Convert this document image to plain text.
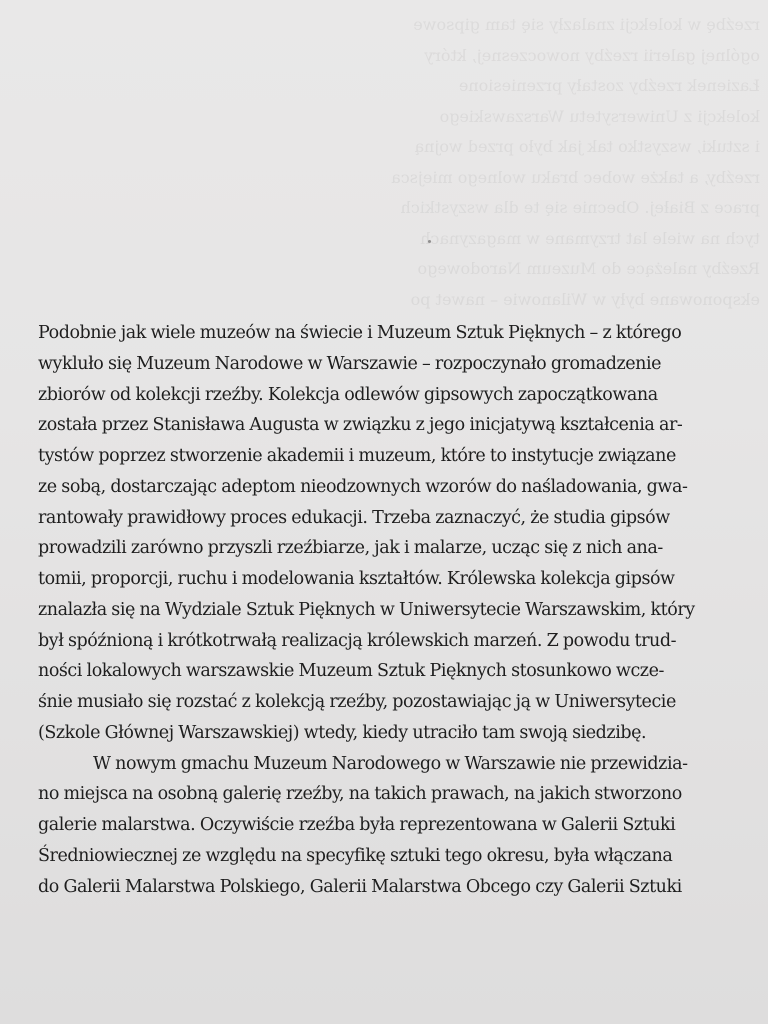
rzeźbę w kolekcji znalazły się tam gipsowe
ogólnej galerii rzeźby nowoczesnej, który
Łazienek rzeźby zostały przeniesione
kolekcji z Uniwersytetu Warszawskiego
i sztuki, wszystko tak jak było przed wojną
rzeźby, a także wobec braku wolnego miejsca
prace z Białej. Obecnie się te dla wszystkich
tych na wiele lat trzymane w magazynach
Rzeźby należące do Muzeum Narodowego
eksponowane były w Wilanowie – nawet po
Podobnie jak wiele muzeów na świecie i Muzeum Sztuk Pięknych – z którego
wykluło się Muzeum Narodowe w Warszawie – rozpoczynało gromadzenie
zbiorów od kolekcji rzeźby. Kolekcja odlewów gipsowych zapoczątkowana
została przez Stanisława Augusta w związku z jego inicjatywą kształcenia ar-
tystów poprzez stworzenie akademii i muzeum, które to instytucje związane
ze sobą, dostarczając adeptom nieodzownych wzorów do naśladowania, gwa-
rantowały prawidłowy proces edukacji. Trzeba zaznaczyć, że studia gipsów
prowadzili zarówno przyszli rzeźbiarze, jak i malarze, ucząc się z nich ana-
tomii, proporcji, ruchu i modelowania kształtów. Królewska kolekcja gipsów
znalazła się na Wydziale Sztuk Pięknych w Uniwersytecie Warszawskim, który
był spóźnioną i krótkotrwałą realizacją królewskich marzeń. Z powodu trud-
ności lokalowych warszawskie Muzeum Sztuk Pięknych stosunkowo wcze-
śnie musiało się rozstać z kolekcją rzeźby, pozostawiając ją w Uniwersytecie
(Szkole Głównej Warszawskiej) wtedy, kiedy utraciło tam swoją siedzibę.
W nowym gmachu Muzeum Narodowego w Warszawie nie przewidzia-
no miejsca na osobną galerię rzeźby, na takich prawach, na jakich stworzono
galerie malarstwa. Oczywiście rzeźba była reprezentowana w Galerii Sztuki
Średniowiecznej ze względu na specyfikę sztuki tego okresu, była włączana
do Galerii Malarstwa Polskiego, Galerii Malarstwa Obcego czy Galerii Sztuki
